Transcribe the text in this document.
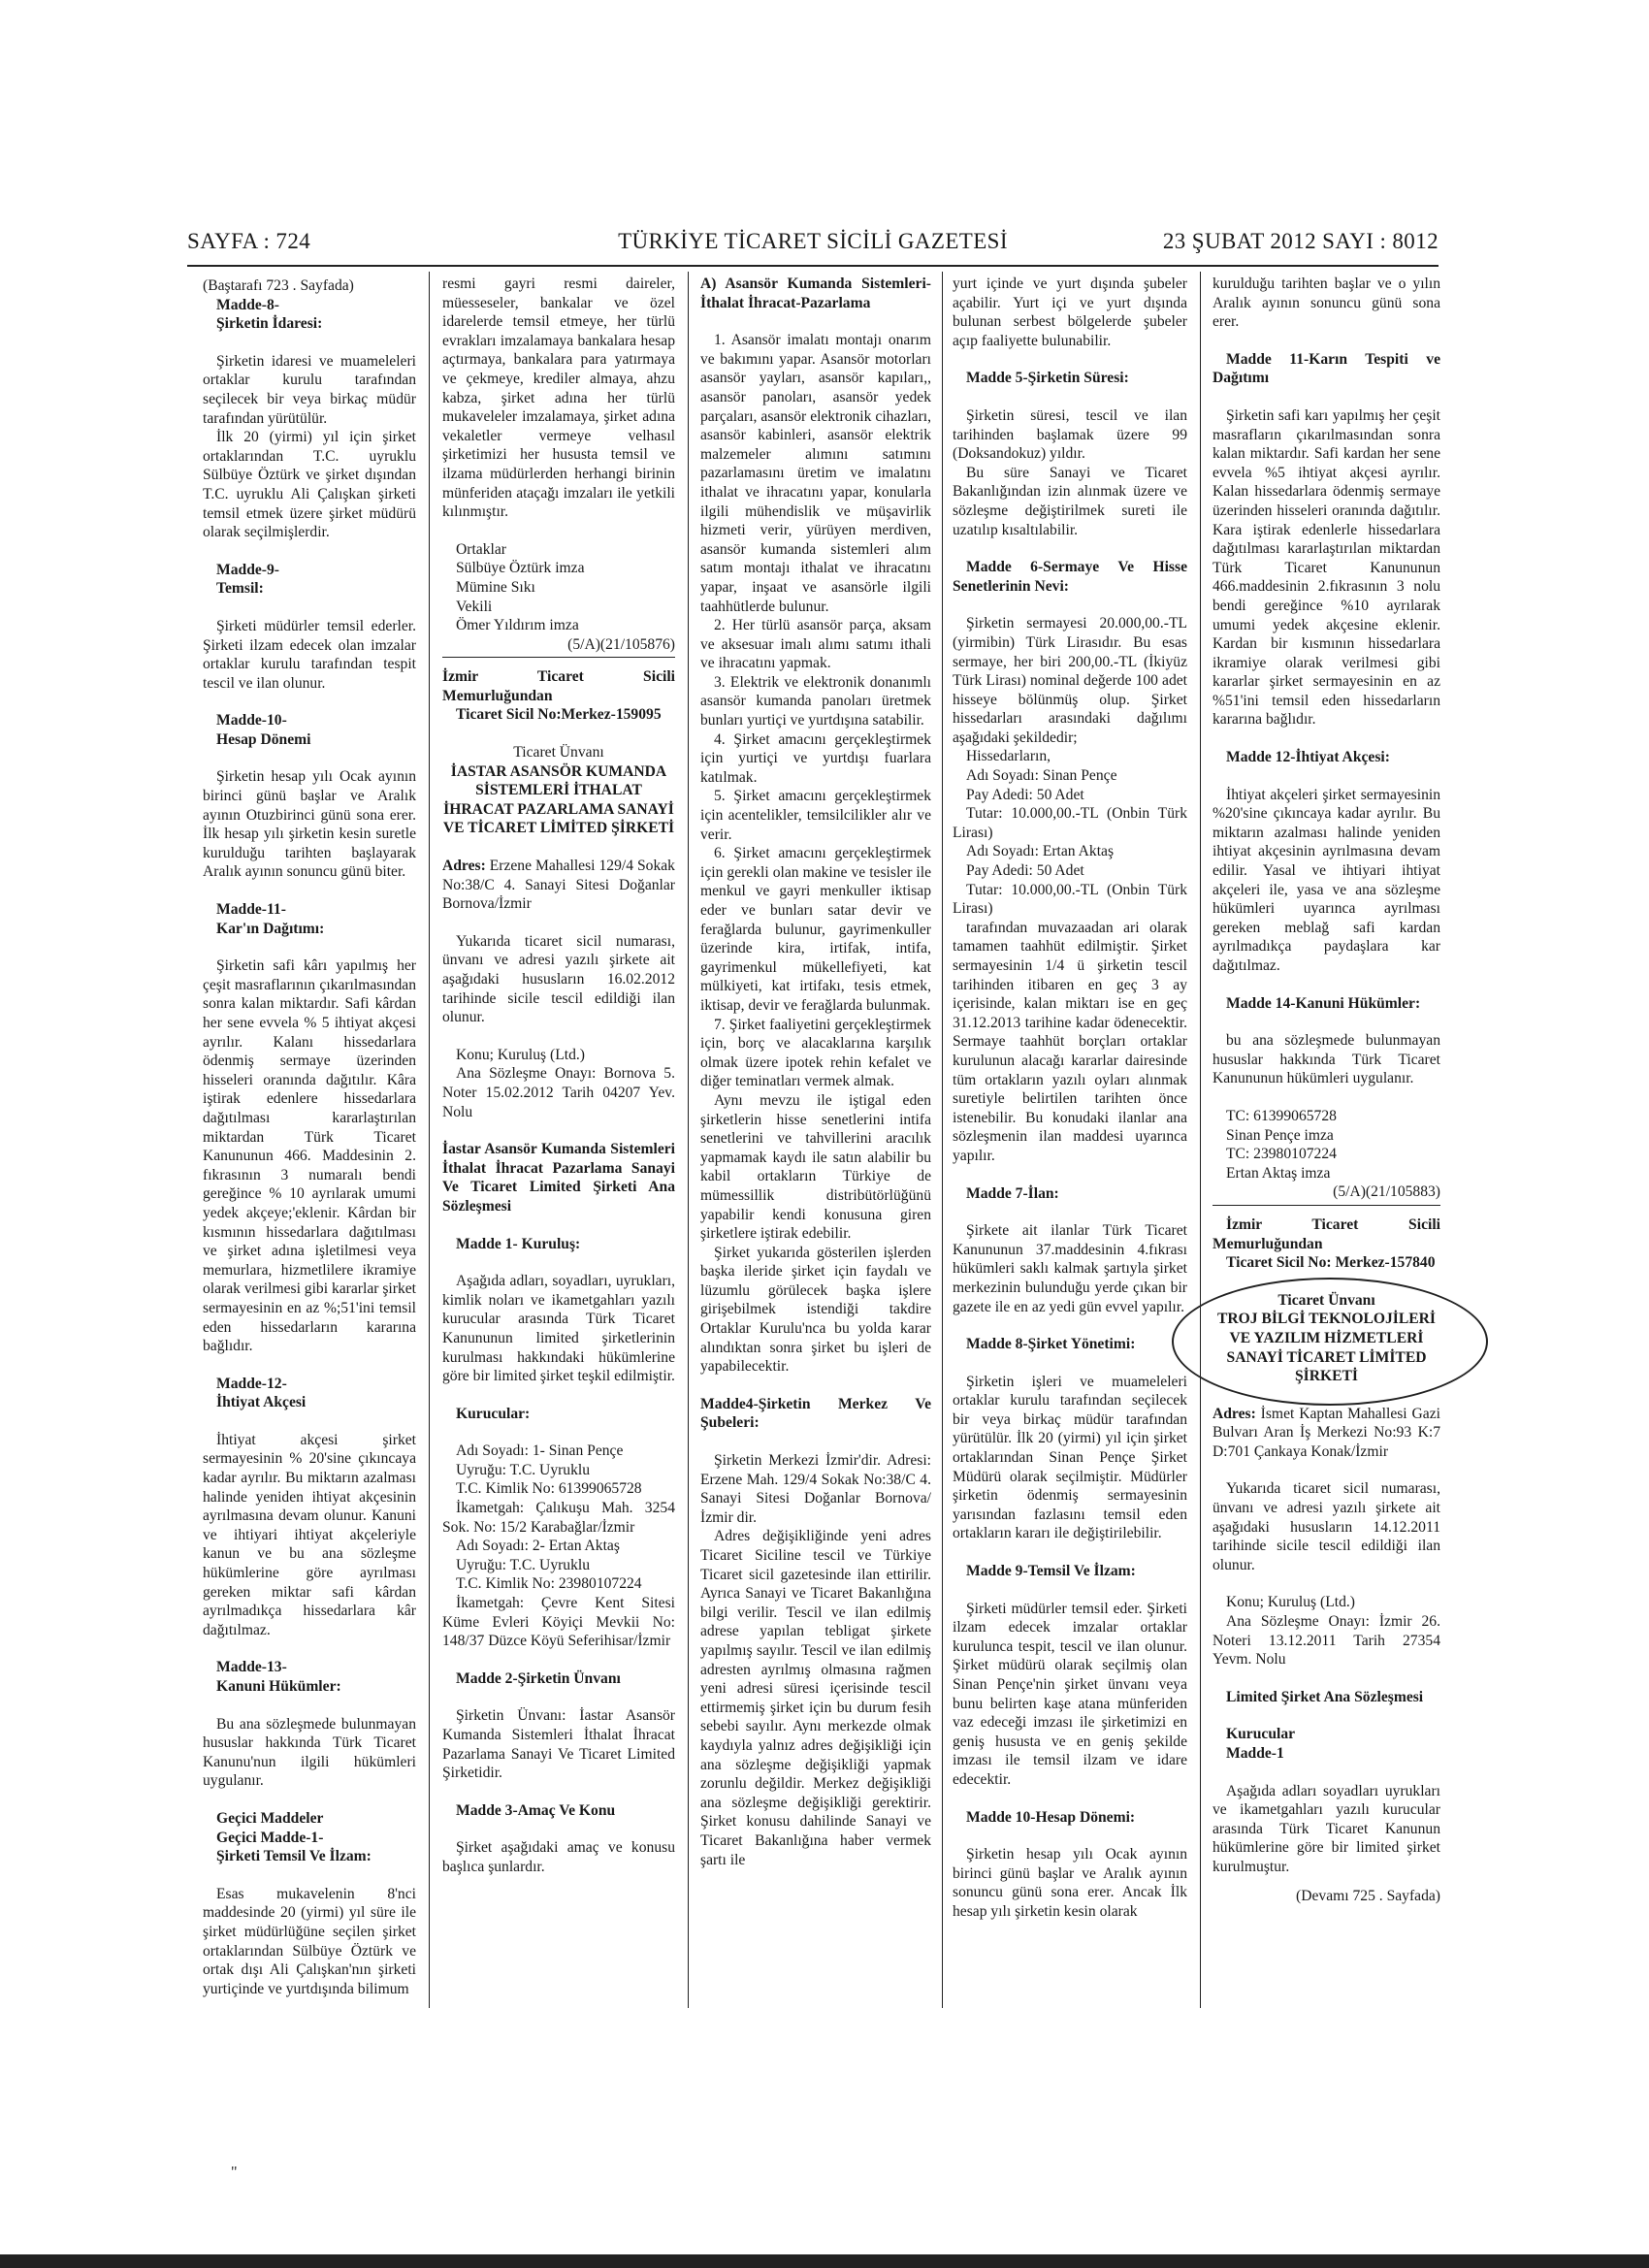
SAYFA : 724	TÜRKİYE TİCARET SİCİLİ GAZETESİ	23 ŞUBAT 2012 SAYI : 8012

(Baştarafı 723 . Sayfada)

Madde-8-

Şirketin İdaresi:

Şirketin idaresi ve muameleleri ortaklar kurulu tarafından seçilecek bir veya birkaç müdür tarafından yürütülür.

İlk 20 (yirmi) yıl için şirket ortaklarından T.C. uyruklu Sülbüye Öztürk ve şirket dışından T.C. uyruklu Ali Çalışkan şirketi temsil etmek üzere şirket müdürü olarak seçilmişlerdir.

Madde-9-

Temsil:

Şirketi müdürler temsil ederler. Şirketi ilzam edecek olan imzalar ortaklar kurulu tarafından tespit tescil ve ilan olunur.

Madde-10-

Hesap Dönemi

Şirketin hesap yılı Ocak ayının birinci günü başlar ve Aralık ayının Otuzbirinci günü sona erer. İlk hesap yılı şirketin kesin suretle kurulduğu tarihten başlayarak Aralık ayının sonuncu günü biter.

Madde-11-

Kar'ın Dağıtımı:

Şirketin safi kârı yapılmış her çeşit masraflarının çıkarılmasından sonra kalan miktardır. Safi kârdan her sene evvela % 5 ihtiyat akçesi ayrılır. Kalanı hissedarlara ödenmiş sermaye üzerinden hisseleri oranında dağıtılır. Kâra iştirak edenlere hissedarlara dağıtılması kararlaştırılan miktardan Türk Ticaret Kanununun 466. Maddesinin 2. fıkrasının 3 numaralı bendi gereğince % 10 ayrılarak umumi yedek akçeye;'eklenir. Kârdan bir kısmının hissedarlara dağıtılması ve şirket adına işletilmesi veya memurlara, hizmetlilere ikramiye olarak verilmesi gibi kararlar şirket sermayesinin en az %;51'ini temsil eden hissedarların kararına bağlıdır.

Madde-12-

İhtiyat Akçesi

İhtiyat akçesi şirket sermayesinin % 20'sine çıkıncaya kadar ayrılır. Bu miktarın azalması halinde yeniden ihtiyat akçesinin ayrılmasına devam olunur. Kanuni ve ihtiyari ihtiyat akçeleriyle kanun ve bu ana sözleşme hükümlerine göre ayrılması gereken miktar safi kârdan ayrılmadıkça hissedarlara kâr dağıtılmaz.

Madde-13-

Kanuni Hükümler:

Bu ana sözleşmede bulunmayan hususlar hakkında Türk Ticaret Kanunu'nun ilgili hükümleri uygulanır.

Geçici Maddeler

Geçici Madde-1-

Şirketi Temsil Ve İlzam:

Esas mukavelenin 8'nci maddesinde 20 (yirmi) yıl süre ile şirket müdürlüğüne seçilen şirket ortaklarından Sülbüye Öztürk ve ortak dışı Ali Çalışkan'nın şirketi yurtiçinde ve yurtdışında bilimum

resmi gayri resmi daireler, müesseseler, bankalar ve özel idarelerde temsil etmeye, her türlü evrakları imzalamaya bankalara hesap açtırmaya, bankalara para yatırmaya ve çekmeye, krediler almaya, ahzu kabza, şirket adına her türlü mukaveleler imzalamaya, şirket adına vekaletler vermeye velhasıl şirketimizi her hususta temsil ve ilzama müdürlerden herhangi birinin münferiden ataçağı imzaları ile yetkili kılınmıştır.

Ortaklar

Sülbüye Öztürk imza

Mümine Sıkı

Vekili

Ömer Yıldırım imza

(5/A)(21/105876)

İzmir Ticaret Sicili Memurluğundan

Ticaret Sicil No:Merkez-159095

Ticaret Ünvanı

İASTAR ASANSÖR KUMANDA SİSTEMLERİ İTHALAT İHRACAT PAZARLAMA SANAYİ VE TİCARET LİMİTED ŞİRKETİ

Adres: Erzene Mahallesi 129/4 Sokak No:38/C 4. Sanayi Sitesi Doğanlar Bornova/İzmir

Yukarıda ticaret sicil numarası, ünvanı ve adresi yazılı şirkete ait aşağıdaki hususların 16.02.2012 tarihinde sicile tescil edildiği ilan olunur.

Konu; Kuruluş (Ltd.)

Ana Sözleşme Onayı: Bornova 5. Noter 15.02.2012 Tarih 04207 Yev. Nolu

İastar Asansör Kumanda Sistemleri İthalat İhracat Pazarlama Sanayi Ve Ticaret Limited Şirketi Ana Sözleşmesi

Madde 1- Kuruluş:

Aşağıda adları, soyadları, uyrukları, kimlik noları ve ikametgahları yazılı kurucular arasında Türk Ticaret Kanununun limited şirketlerinin kurulması hakkındaki hükümlerine göre bir limited şirket teşkil edilmiştir.

Kurucular:

Adı Soyadı: 1- Sinan Pençe

Uyruğu: T.C. Uyruklu

T.C. Kimlik No: 61399065728

İkametgah: Çalıkuşu Mah. 3254 Sok. No: 15/2 Karabağlar/İzmir

Adı Soyadı: 2- Ertan Aktaş

Uyruğu: T.C. Uyruklu

T.C. Kimlik No: 23980107224

İkametgah: Çevre Kent Sitesi Küme Evleri Köyiçi Mevkii No: 148/37 Düzce Köyü Seferihisar/İzmir

Madde 2-Şirketin Ünvanı

Şirketin Ünvanı: İastar Asansör Kumanda Sistemleri İthalat İhracat Pazarlama Sanayi Ve Ticaret Limited Şirketidir.

Madde 3-Amaç Ve Konu

Şirket aşağıdaki amaç ve konusu başlıca şunlardır.

A) Asansör Kumanda Sistemleri-İthalat İhracat-Pazarlama

1. Asansör imalatı montajı onarım ve bakımını yapar. Asansör motorları asansör yayları, asansör kapıları,, asansör panoları, asansör yedek parçaları, asansör elektronik cihazları, asansör kabinleri, asansör elektrik malzemeler alımını satımını pazarlamasını üretim ve imalatını ithalat ve ihracatını yapar, konularla ilgili mühendislik ve müşavirlik hizmeti verir, yürüyen merdiven, asansör kumanda sistemleri alım satım montajı ithalat ve ihracatını yapar, inşaat ve asansörle ilgili taahhütlerde bulunur.

2. Her türlü asansör parça, aksam ve aksesuar imalı alımı satımı ithali ve ihracatını yapmak.

3. Elektrik ve elektronik donanımlı asansör kumanda panoları üretmek bunları yurtiçi ve yurtdışına satabilir.

4. Şirket amacını gerçekleştirmek için yurtiçi ve yurtdışı fuarlara katılmak.

5. Şirket amacını gerçekleştirmek için acentelikler, temsilcilikler alır ve verir.

6. Şirket amacını gerçekleştirmek için gerekli olan makine ve tesisler ile menkul ve gayri menkuller iktisap eder ve bunları satar devir ve ferağlarda bulunur, gayrimenkuller üzerinde kira, irtifak, intifa, gayrimenkul mükellefiyeti, kat mülkiyeti, kat irtifakı, tesis etmek, iktisap, devir ve ferağlarda bulunmak.

7. Şirket faaliyetini gerçekleştirmek için, borç ve alacaklarına karşılık olmak üzere ipotek rehin kefalet ve diğer teminatları vermek almak.

Aynı mevzu ile iştigal eden şirketlerin hisse senetlerini intifa senetlerini ve tahvillerini aracılık yapmamak kaydı ile satın alabilir bu kabil ortakların Türkiye de mümessillik distribütörlüğünü yapabilir kendi konusuna giren şirketlere iştirak edebilir.

Şirket yukarıda gösterilen işlerden başka ileride şirket için faydalı ve lüzumlu görülecek başka işlere girişebilmek istendiği takdire Ortaklar Kurulu'nca bu yolda karar alındıktan sonra şirket bu işleri de yapabilecektir.

Madde4-Şirketin Merkez Ve Şubeleri:

Şirketin Merkezi İzmir'dir. Adresi: Erzene Mah. 129/4 Sokak No:38/C 4. Sanayi Sitesi Doğanlar Bornova/İzmir dir.

Adres değişikliğinde yeni adres Ticaret Siciline tescil ve Türkiye Ticaret sicil gazetesinde ilan ettirilir. Ayrıca Sanayi ve Ticaret Bakanlığına bilgi verilir. Tescil ve ilan edilmiş adrese yapılan tebligat şirkete yapılmış sayılır. Tescil ve ilan edilmiş adresten ayrılmış olmasına rağmen yeni adresi süresi içerisinde tescil ettirmemiş şirket için bu durum fesih sebebi sayılır. Aynı merkezde olmak kaydıyla yalnız adres değişikliği için ana sözleşme değişikliği yapmak zorunlu değildir. Merkez değişikliği ana sözleşme değişikliği gerektirir. Şirket konusu dahilinde Sanayi ve Ticaret Bakanlığına haber vermek şartı ile

yurt içinde ve yurt dışında şubeler açabilir. Yurt içi ve yurt dışında bulunan serbest bölgelerde şubeler açıp faaliyette bulunabilir.

Madde 5-Şirketin Süresi:

Şirketin süresi, tescil ve ilan tarihinden başlamak üzere 99 (Doksandokuz) yıldır.

Bu süre Sanayi ve Ticaret Bakanlığından izin alınmak üzere ve sözleşme değiştirilmek sureti ile uzatılıp kısaltılabilir.

Madde 6-Sermaye Ve Hisse Senetlerinin Nevi:

Şirketin sermayesi 20.000,00.-TL (yirmibin) Türk Lirasıdır. Bu esas sermaye, her biri 200,00.-TL (İkiyüz Türk Lirası) nominal değerde 100 adet hisseye bölünmüş olup. Şirket hissedarları arasındaki dağılımı aşağıdaki şekildedir;

Hissedarların,

Adı Soyadı: Sinan Pençe

Pay Adedi: 50 Adet

Tutar: 10.000,00.-TL (Onbin Türk Lirası)

Adı Soyadı: Ertan Aktaş

Pay Adedi: 50 Adet

Tutar: 10.000,00.-TL (Onbin Türk Lirası)

tarafından muvazaadan ari olarak tamamen taahhüt edilmiştir. Şirket sermayesinin 1/4 ü şirketin tescil tarihinden itibaren en geç 3 ay içerisinde, kalan miktarı ise en geç 31.12.2013 tarihine kadar ödenecektir. Sermaye taahhüt borçları ortaklar kurulunun alacağı kararlar dairesinde tüm ortakların yazılı oyları alınmak suretiyle belirtilen tarihten önce istenebilir. Bu konudaki ilanlar ana sözleşmenin ilan maddesi uyarınca yapılır.

Madde 7-İlan:

Şirkete ait ilanlar Türk Ticaret Kanununun 37.maddesinin 4.fıkrası hükümleri saklı kalmak şartıyla şirket merkezinin bulunduğu yerde çıkan bir gazete ile en az yedi gün evvel yapılır.

Madde 8-Şirket Yönetimi:

Şirketin işleri ve muameleleri ortaklar kurulu tarafından seçilecek bir veya birkaç müdür tarafından yürütülür. İlk 20 (yirmi) yıl için şirket ortaklarından Sinan Pençe Şirket Müdürü olarak seçilmiştir. Müdürler şirketin ödenmiş sermayesinin yarısından fazlasını temsil eden ortakların kararı ile değiştirilebilir.

Madde 9-Temsil Ve İlzam:

Şirketi müdürler temsil eder. Şirketi ilzam edecek imzalar ortaklar kurulunca tespit, tescil ve ilan olunur. Şirket müdürü olarak seçilmiş olan Sinan Pençe'nin şirket ünvanı veya bunu belirten kaşe atana münferiden vaz edeceği imzası ile şirketimizi en geniş hususta ve en geniş şekilde imzası ile temsil ilzam ve idare edecektir.

Madde 10-Hesap Dönemi:

Şirketin hesap yılı Ocak ayının birinci günü başlar ve Aralık ayının sonuncu günü sona erer. Ancak İlk hesap yılı şirketin kesin olarak

kurulduğu tarihten başlar ve o yılın Aralık ayının sonuncu günü sona erer.

Madde 11-Karın Tespiti ve Dağıtımı

Şirketin safi karı yapılmış her çeşit masrafların çıkarılmasından sonra kalan miktardır. Safi kardan her sene evvela %5 ihtiyat akçesi ayrılır. Kalan hissedarlara ödenmiş sermaye üzerinden hisseleri oranında dağıtılır. Kara iştirak edenlerle hissedarlara dağıtılması kararlaştırılan miktardan Türk Ticaret Kanununun 466.maddesinin 2.fıkrasının 3 nolu bendi gereğince %10 ayrılarak umumi yedek akçesine eklenir. Kardan bir kısmının hissedarlara ikramiye olarak verilmesi gibi kararlar şirket sermayesinin en az %51'ini temsil eden hissedarların kararına bağlıdır.

Madde 12-İhtiyat Akçesi:

İhtiyat akçeleri şirket sermayesinin %20'sine çıkıncaya kadar ayrılır. Bu miktarın azalması halinde yeniden ihtiyat akçesinin ayrılmasına devam edilir. Yasal ve ihtiyari ihtiyat akçeleri ile, yasa ve ana sözleşme hükümleri uyarınca ayrılması gereken meblağ safi kardan ayrılmadıkça paydaşlara kar dağıtılmaz.

Madde 14-Kanuni Hükümler:

bu ana sözleşmede bulunmayan hususlar hakkında Türk Ticaret Kanununun hükümleri uygulanır.

TC: 61399065728

Sinan Pençe imza

TC: 23980107224

Ertan Aktaş imza

(5/A)(21/105883)

İzmir Ticaret Sicili Memurluğundan

Ticaret Sicil No: Merkez-157840

Ticaret Ünvanı

TROJ BİLGİ TEKNOLOJİLERİ VE YAZILIM HİZMETLERİ SANAYİ TİCARET LİMİTED ŞİRKETİ

Adres: İsmet Kaptan Mahallesi Gazi Bulvarı Aran İş Merkezi No:93 K:7 D:701 Çankaya Konak/İzmir

Yukarıda ticaret sicil numarası, ünvanı ve adresi yazılı şirkete ait aşağıdaki hususların 14.12.2011 tarihinde sicile tescil edildiği ilan olunur.

Konu; Kuruluş (Ltd.)

Ana Sözleşme Onayı: İzmir 26. Noteri 13.12.2011 Tarih 27354 Yevm. Nolu

Limited Şirket Ana Sözleşmesi

Kurucular

Madde-1

Aşağıda adları soyadları uyrukları ve ikametgahları yazılı kurucular arasında Türk Ticaret Kanunun hükümlerine göre bir limited şirket kurulmuştur.

(Devamı 725 . Sayfada)

"
